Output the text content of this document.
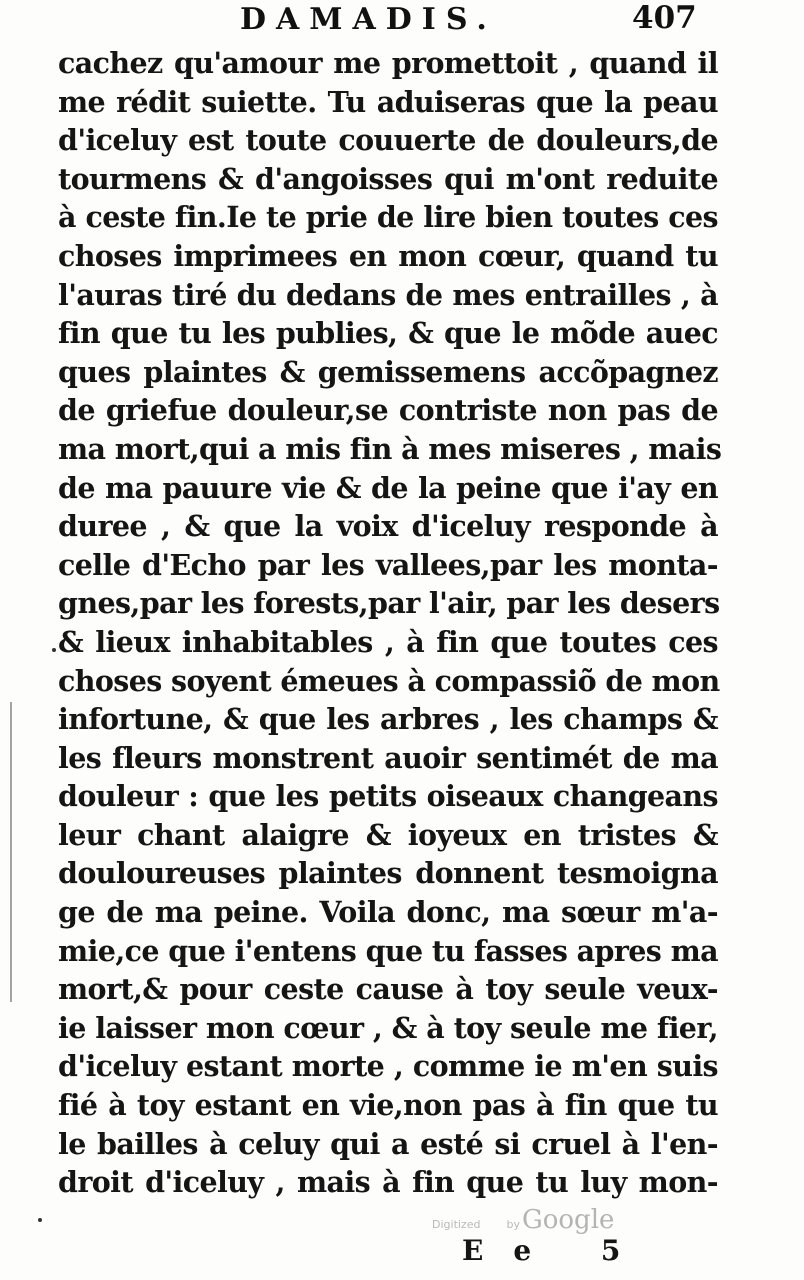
DAMADIS.	407
cachez qu'amour me promettoit , quand il
me rédit suiette. Tu aduiseras que la peau
d'iceluy est toute couuerte de douleurs,de
tourmens & d'angoisses qui m'ont reduite
à ceste fin.Ie te prie de lire bien toutes ces
choses imprimees en mon cœur, quand tu
l'auras tiré du dedans de mes entrailles , à
fin que tu les publies, & que le mõde auec
ques plaintes & gemissemens accõpagnez
de griefue douleur,se contriste non pas de
ma mort,qui a mis fin à mes miseres , mais
de ma pauure vie & de la peine que i'ay en
duree , & que la voix d'iceluy responde à
celle d'Echo par les vallees,par les monta-
gnes,par les forests,par l'air, par les desers
& lieux inhabitables , à fin que toutes ces
choses soyent émeues à compassiõ de mon
infortune, & que les arbres , les champs &
les fleurs monstrent auoir sentimét de ma
douleur : que les petits oiseaux changeans
leur chant alaigre & ioyeux en tristes &
douloureuses plaintes donnent tesmoigna
ge de ma peine. Voila donc, ma sœur m'a-
mie,ce que i'entens que tu fasses apres ma
mort,& pour ceste cause à toy seule veux-
ie laisser mon cœur , & à toy seule me fier,
d'iceluy estant morte , comme ie m'en suis
fié à toy estant en vie,non pas à fin que tu
le bailles à celuy qui a esté si cruel à l'en-
droit d'iceluy , mais à fin que tu luy mon-
Digitized byGoogle
Ee 5
